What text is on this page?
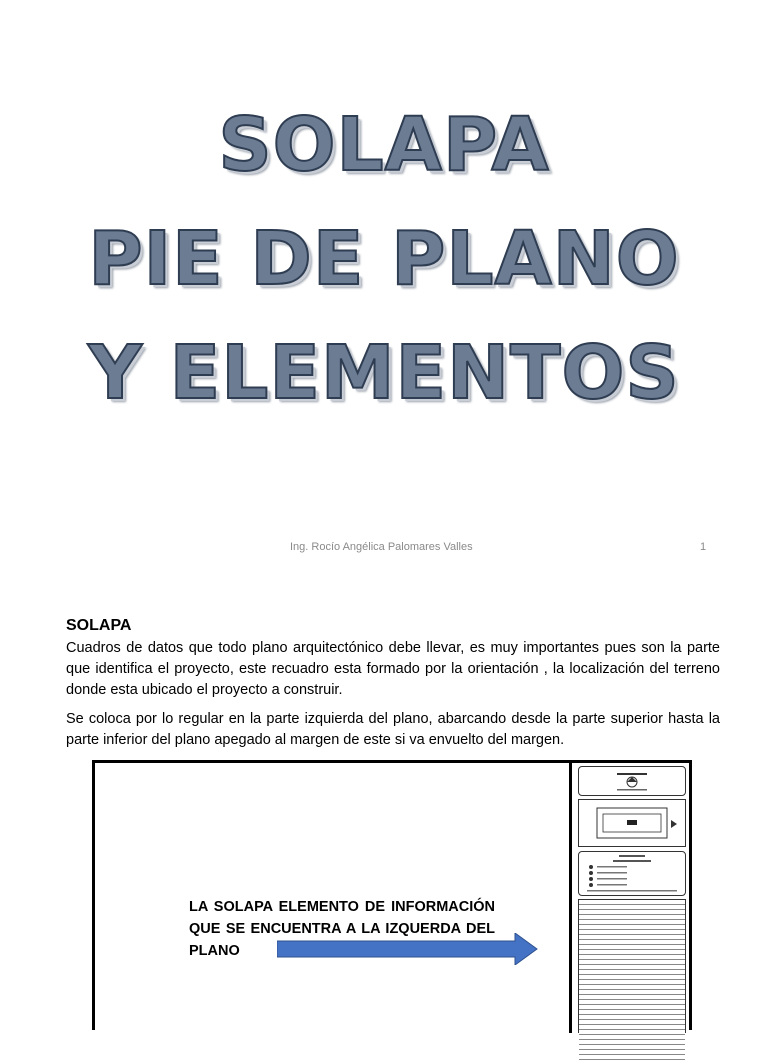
SOLAPA
PIE DE PLANO
Y ELEMENTOS
Ing. Rocío Angélica Palomares Valles	1
SOLAPA
Cuadros de datos que todo plano arquitectónico debe llevar, es muy importantes pues son la parte que identifica el proyecto, este recuadro esta formado por la orientación , la localización del terreno donde esta ubicado el proyecto a construir.
Se coloca por lo regular en la parte izquierda del plano, abarcando desde la parte superior hasta la parte inferior del plano apegado al margen de este si va envuelto del margen.
LA SOLAPA ELEMENTO DE INFORMACIÓN QUE SE ENCUENTRA A LA IZQUERDA DEL PLANO
